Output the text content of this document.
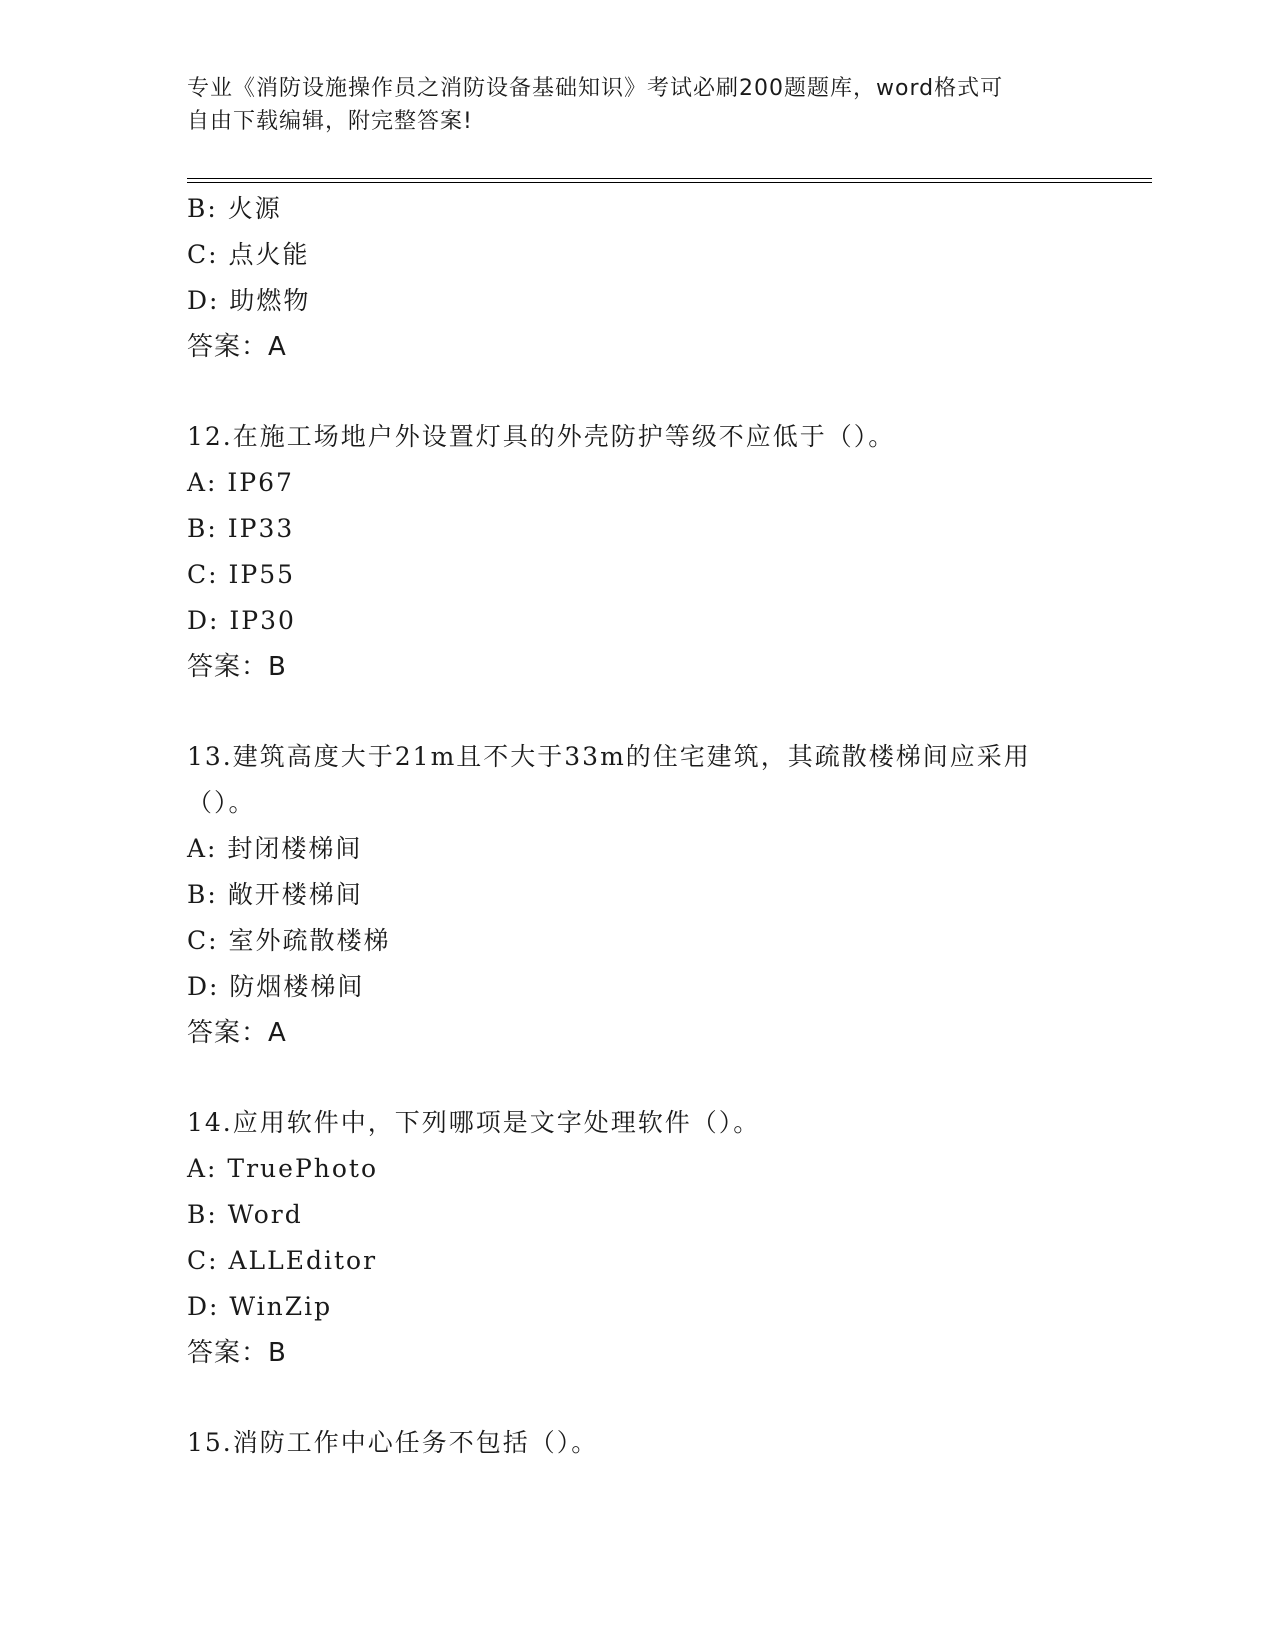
专业《消防设施操作员之消防设备基础知识》考试必刷200题题库，word格式可
自由下载编辑，附完整答案!
B: 火源
C: 点火能
D: 助燃物
答案：A
12.在施工场地户外设置灯具的外壳防护等级不应低于（）。
A: IP67
B: IP33
C: IP55
D: IP30
答案：B
13.建筑高度大于21m且不大于33m的住宅建筑，其疏散楼梯间应采用
（）。
A: 封闭楼梯间
B: 敞开楼梯间
C: 室外疏散楼梯
D: 防烟楼梯间
答案：A
14.应用软件中，下列哪项是文字处理软件（）。
A: TruePhoto
B: Word
C: ALLEditor
D: WinZip
答案：B
15.消防工作中心任务不包括（）。
